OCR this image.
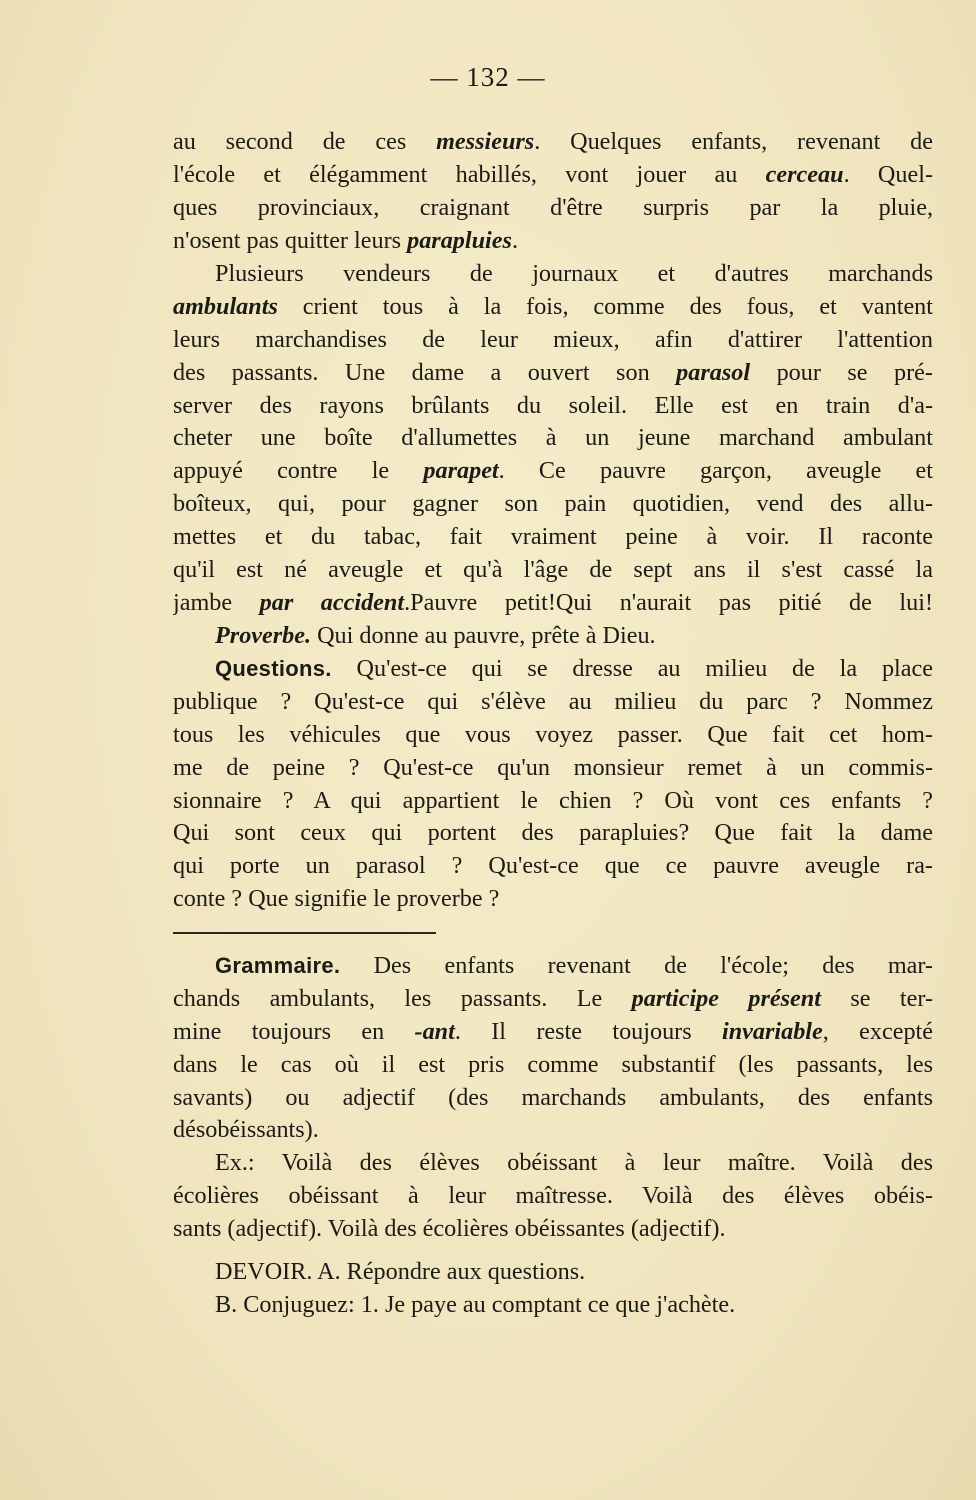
— 132 —
au second de ces messieurs. Quelques enfants, revenant de
l'école et élégamment habillés, vont jouer au cerceau. Quel-
ques provinciaux, craignant d'être surpris par la pluie,
n'osent pas quitter leurs parapluies.
Plusieurs vendeurs de journaux et d'autres marchands
ambulants crient tous à la fois, comme des fous, et vantent
leurs marchandises de leur mieux, afin d'attirer l'attention
des passants. Une dame a ouvert son parasol pour se pré-
server des rayons brûlants du soleil. Elle est en train d'a-
cheter une boîte d'allumettes à un jeune marchand ambulant
appuyé contre le parapet. Ce pauvre garçon, aveugle et
boîteux, qui, pour gagner son pain quotidien, vend des allu-
mettes et du tabac, fait vraiment peine à voir. Il raconte
qu'il est né aveugle et qu'à l'âge de sept ans il s'est cassé la
jambe par accident.Pauvre petit!Qui n'aurait pas pitié de lui!
Proverbe. Qui donne au pauvre, prête à Dieu.
Questions. Qu'est-ce qui se dresse au milieu de la place
publique ? Qu'est-ce qui s'élève au milieu du parc ? Nommez
tous les véhicules que vous voyez passer. Que fait cet hom-
me de peine ? Qu'est-ce qu'un monsieur remet à un commis-
sionnaire ? A qui appartient le chien ? Où vont ces enfants ?
Qui sont ceux qui portent des parapluies? Que fait la dame
qui porte un parasol ? Qu'est-ce que ce pauvre aveugle ra-
conte ? Que signifie le proverbe ?
Grammaire. Des enfants revenant de l'école; des mar-
chands ambulants, les passants. Le participe présent se ter-
mine toujours en -ant. Il reste toujours invariable, excepté
dans le cas où il est pris comme substantif (les passants, les
savants) ou adjectif (des marchands ambulants, des enfants
désobéissants).
Ex.: Voilà des élèves obéissant à leur maître. Voilà des
écolières obéissant à leur maîtresse. Voilà des élèves obéis-
sants (adjectif). Voilà des écolières obéissantes (adjectif).
DEVOIR. A. Répondre aux questions.
B. Conjuguez: 1. Je paye au comptant ce que j'achète.
